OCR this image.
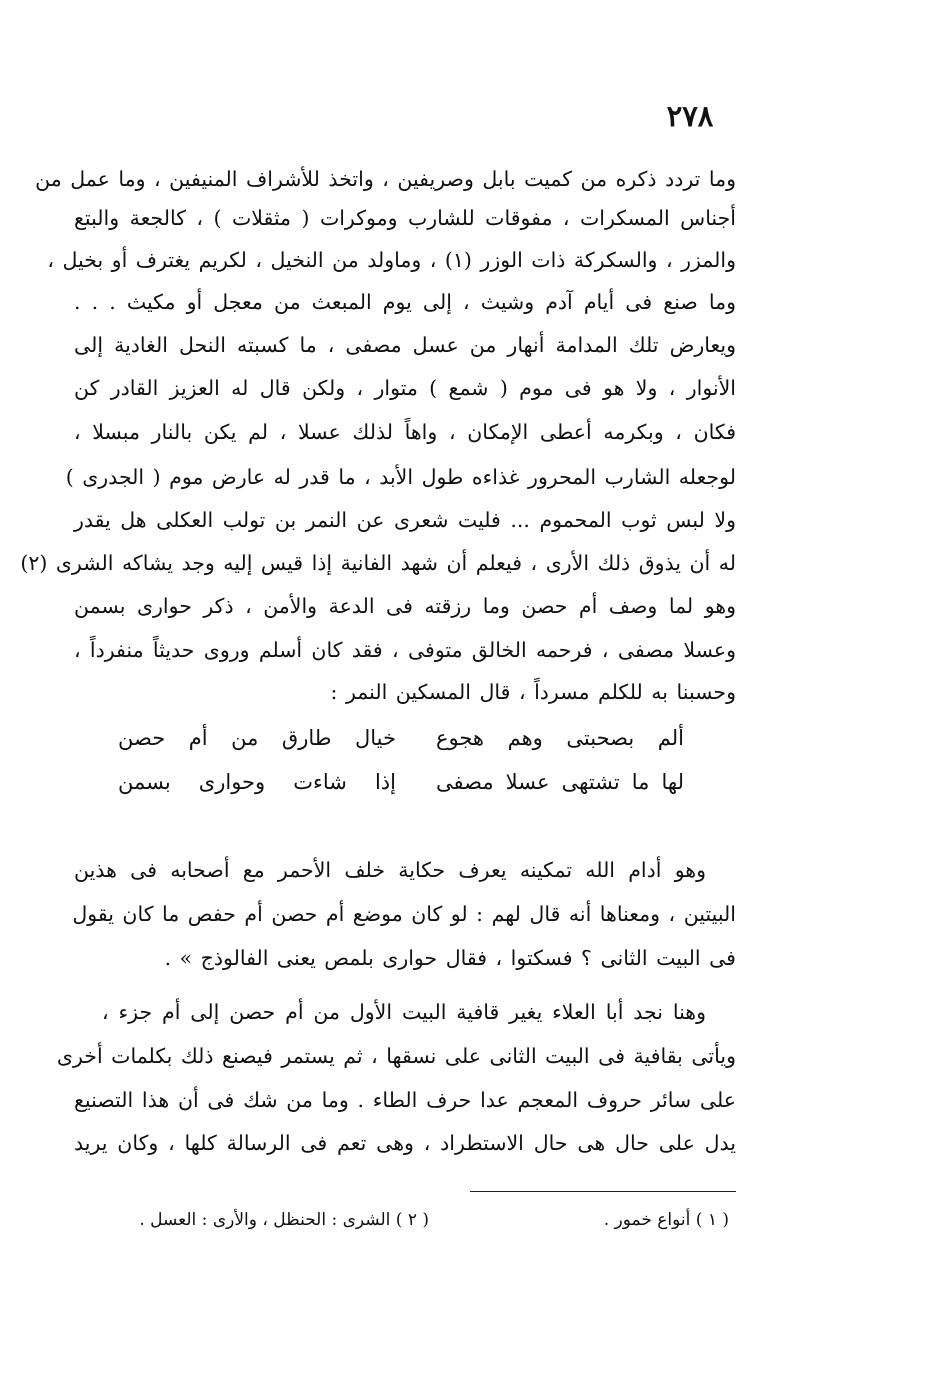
٢٧٨
وما تردد ذكره من كميت بابل وصريفين ، واتخذ للأشراف المنيفين ، وما عمل من
أجناس المسكرات ، مفوقات للشارب وموكرات ( مثقلات ) ، كالجعة والبتع
والمزر ، والسكركة ذات الوزر (١) ، وماولد من النخيل ، لكريم يغترف أو بخيل ،
وما صنع فى أيام آدم وشيث ، إلى يوم المبعث من معجل أو مكيث . . .
ويعارض تلك المدامة أنهار من عسل مصفى ، ما كسبته النحل الغادية إلى
الأنوار ، ولا هو فى موم ( شمع ) متوار ، ولكن قال له العزيز القادر كن
فكان ، وبكرمه أعطى الإمكان ، واهاً لذلك عسلا ، لم يكن بالنار مبسلا ،
لوجعله الشارب المحرور غذاءه طول الأبد ، ما قدر له عارض موم ( الجدرى )
ولا لبس ثوب المحموم ... فليت شعرى عن النمر بن تولب العكلى هل يقدر
له أن يذوق ذلك الأرى ، فيعلم أن شهد الفانية إذا قيس إليه وجد يشاكه الشرى (٢)
وهو لما وصف أم حصن وما رزقته فى الدعة والأمن ، ذكر حوارى بسمن
وعسلا مصفى ، فرحمه الخالق متوفى ، فقد كان أسلم وروى حديثاً منفرداً ،
وحسبنا به للكلم مسرداً ، قال المسكين النمر :
ألم بصحبتى وهم هجوع
خيال طارق من أم حصن
لها ما تشتهى عسلا مصفى
إذا شاءت وحوارى بسمن
وهو أدام الله تمكينه يعرف حكاية خلف الأحمر مع أصحابه فى هذين
البيتين ، ومعناها أنه قال لهم : لو كان موضع أم حصن أم حفص ما كان يقول
فى البيت الثانى ؟ فسكتوا ، فقال حوارى بلمص يعنى الفالوذج » .
وهنا نجد أبا العلاء يغير قافية البيت الأول من أم حصن إلى أم جزء ،
ويأتى بقافية فى البيت الثانى على نسقها ، ثم يستمر فيصنع ذلك بكلمات أخرى
على سائر حروف المعجم عدا حرف الطاء . وما من شك فى أن هذا التصنيع
يدل على حال هى حال الاستطراد ، وهى تعم فى الرسالة كلها ، وكان يريد
( ١ ) أنواع خمور .
( ٢ ) الشرى : الحنظل ، والأرى : العسل .
